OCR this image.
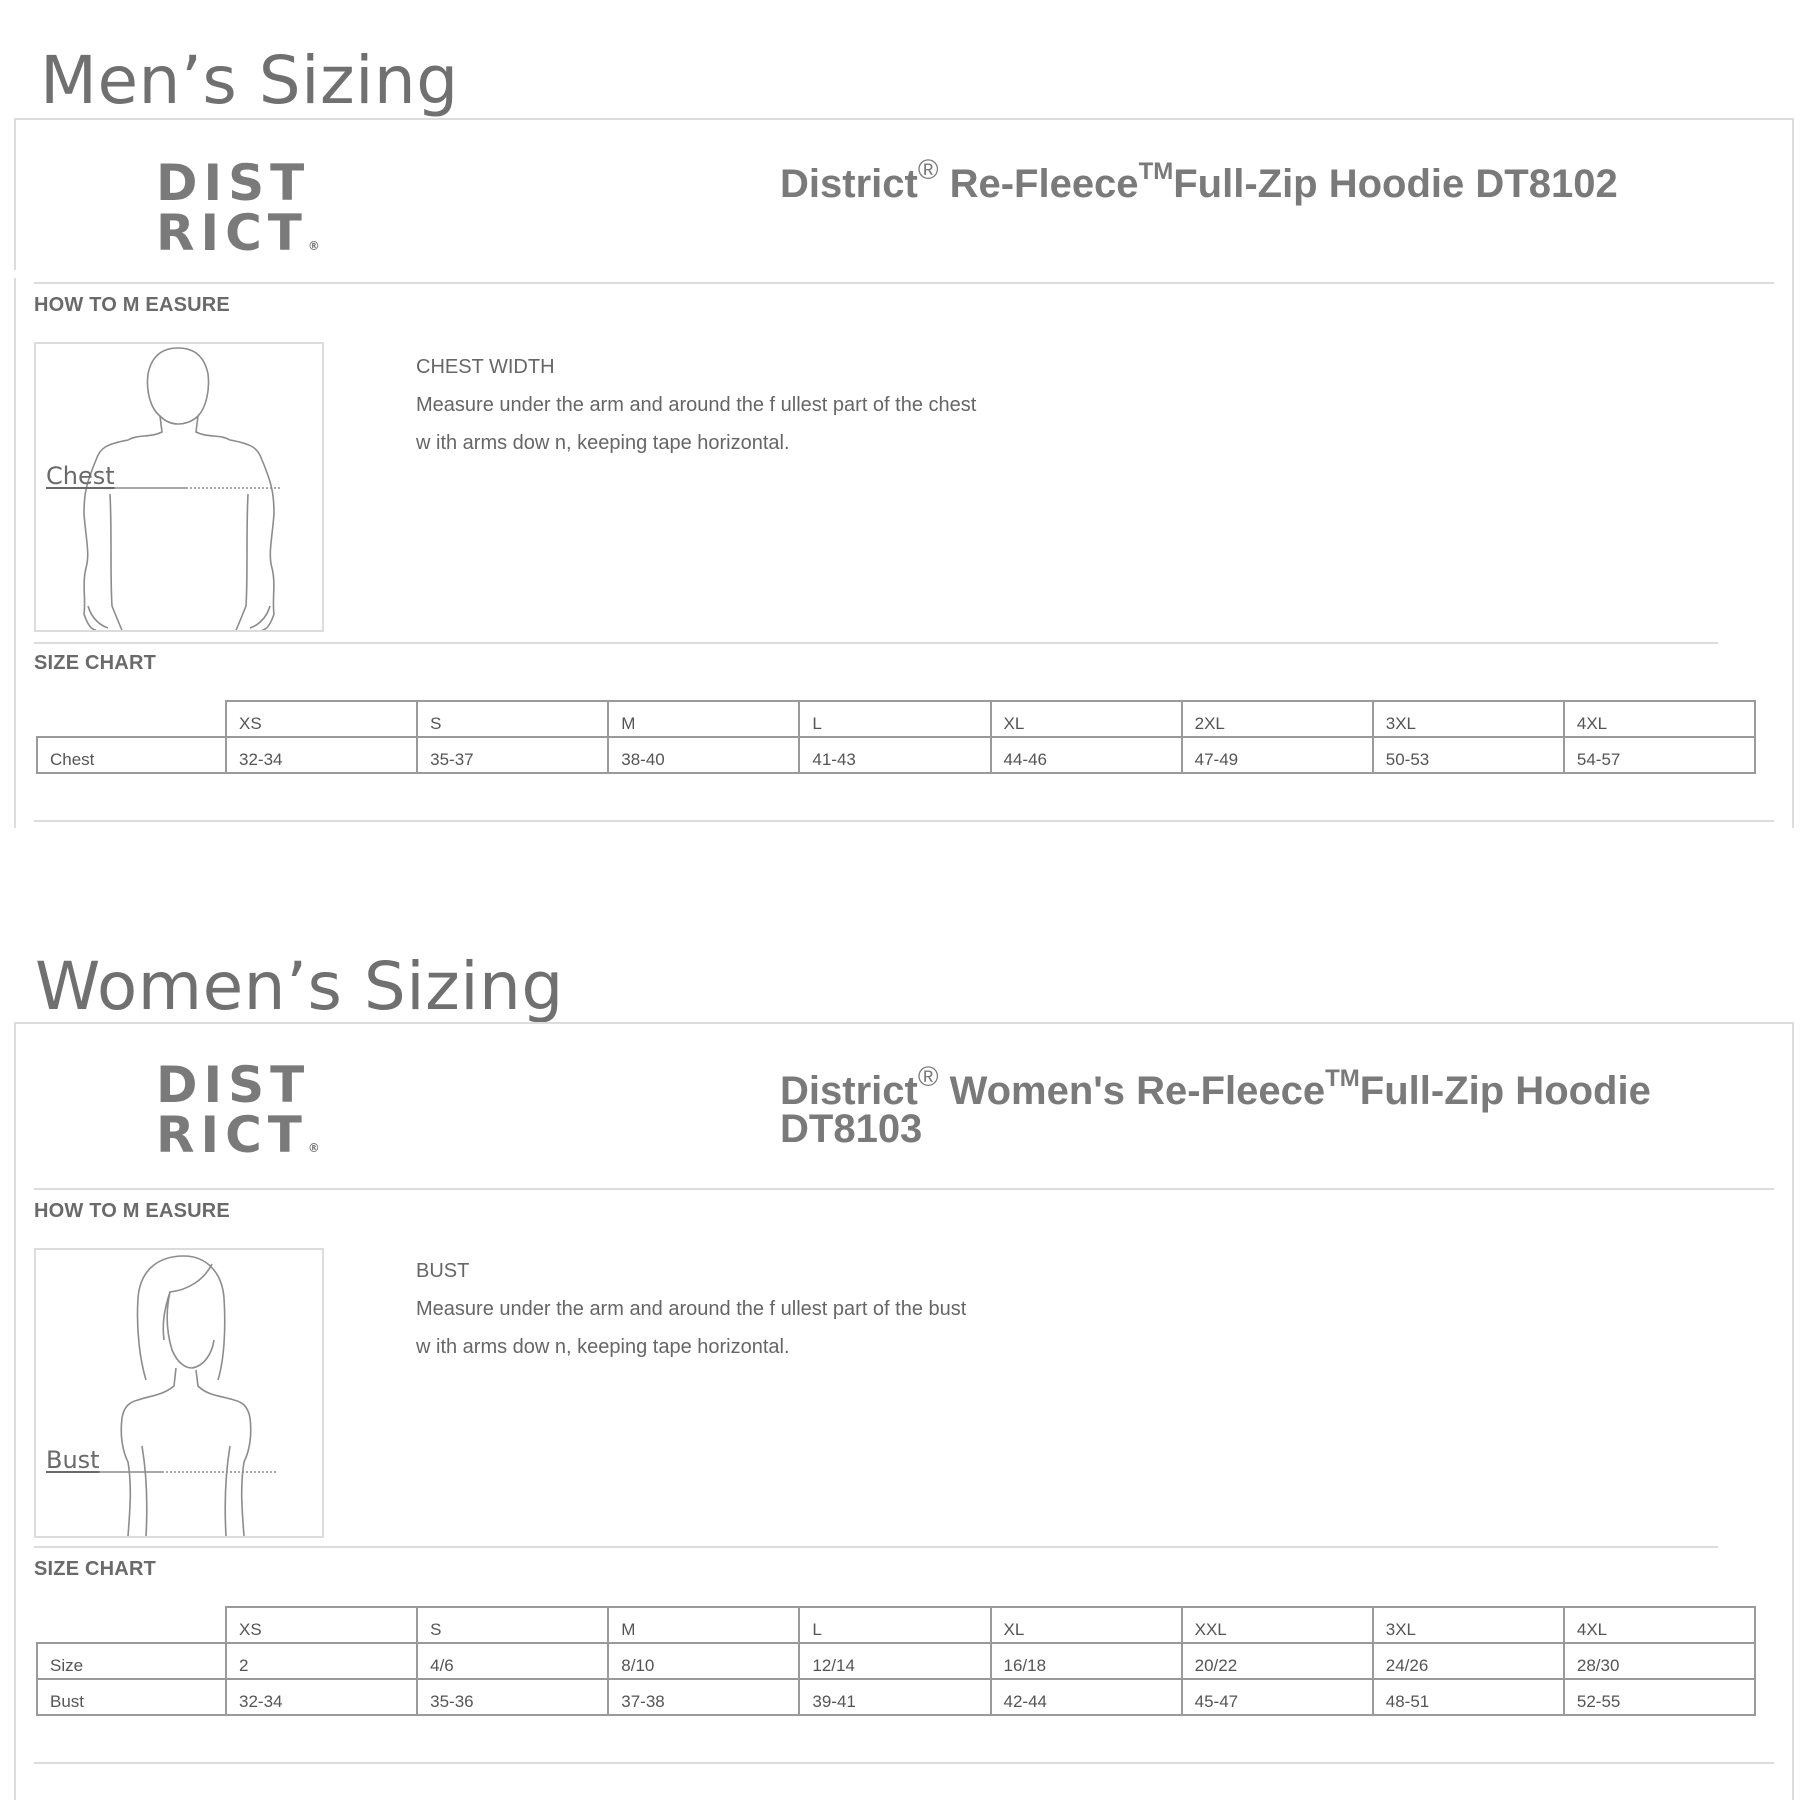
Men’s Sizing
DIST
RICT®
District® Re-Fleece™Full-Zip Hoodie DT8102

HOW TO M EASURE

Chest

CHEST WIDTH

Measure under the arm and around the f ullest part of the chest

w ith arms dow n, keeping tape horizontal.

SIZE CHART

	XS	S	M	L	XL	2XL	3XL	4XL
Chest	32-34	35-37	38-40	41-43	44-46	47-49	50-53	54-57
Women’s Sizing
DIST
RICT®
District® Women's Re-Fleece™Full-Zip Hoodie DT8103

HOW TO M EASURE

Bust

BUST

Measure under the arm and around the f ullest part of the bust

w ith arms dow n, keeping tape horizontal.

SIZE CHART

	XS	S	M	L	XL	XXL	3XL	4XL
Size	2	4/6	8/10	12/14	16/18	20/22	24/26	28/30
Bust	32-34	35-36	37-38	39-41	42-44	45-47	48-51	52-55
